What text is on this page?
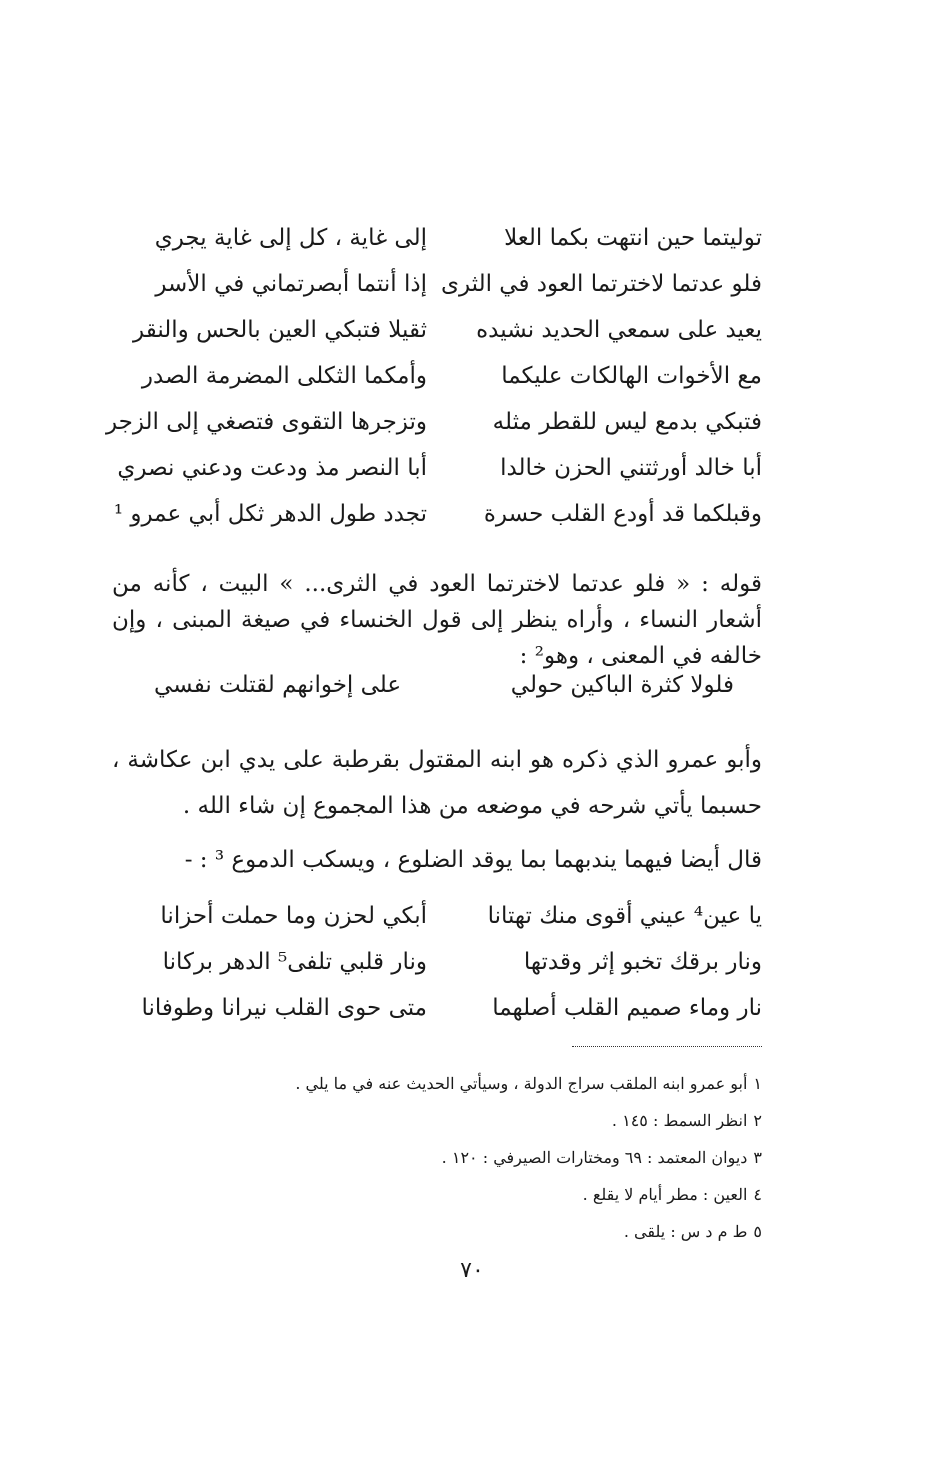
توليتما حين انتهت بكما العلا
إلى غاية ، كل إلى غاية يجري
فلو عدتما لاخترتما العود في الثرى
إذا أنتما أبصرتماني في الأسر
يعيد على سمعي الحديد نشيده
ثقيلا فتبكي العين بالحس والنقر
مع الأخوات الهالكات عليكما
وأمكما الثكلى المضرمة الصدر
فتبكي بدمع ليس للقطر مثله
وتزجرها التقوى فتصغي إلى الزجر
أبا خالد أورثتني الحزن خالدا
أبا النصر مذ ودعت ودعني نصري
وقبلكما قد أودع القلب حسرة
تجدد طول الدهر ثكل أبي عمرو ¹
قوله : « فلو عدتما لاخترتما العود في الثرى... » البيت ، كأنه من أشعار النساء ، وأراه ينظر إلى قول الخنساء في صيغة المبنى ، وإن خالفه في المعنى ، وهو² :
فلولا كثرة الباكين حولي
على إخوانهم لقتلت نفسي
وأبو عمرو الذي ذكره هو ابنه المقتول بقرطبة على يدي ابن عكاشة ، حسبما يأتي شرحه في موضعه من هذا المجموع إن شاء الله .
قال أيضا فيهما يندبهما بما يوقد الضلوع ، ويسكب الدموع ³ : -
يا عين⁴ عيني أقوى منك تهتانا
أبكي لحزن وما حملت أحزانا
ونار برقك تخبو إثر وقدتها
ونار قلبي تلفى⁵ الدهر بركانا
نار وماء صميم القلب أصلهما
متى حوى القلب نيرانا وطوفانا
١
أبو عمرو ابنه الملقب سراج الدولة ، وسيأتي الحديث عنه في ما يلي .
٢
انظر السمط : ١٤٥ .
٣
ديوان المعتمد : ٦٩ ومختارات الصيرفي : ١٢٠ .
٤
العين : مطر أيام لا يقلع .
٥
ط م د س : يلقى .
٧٠
